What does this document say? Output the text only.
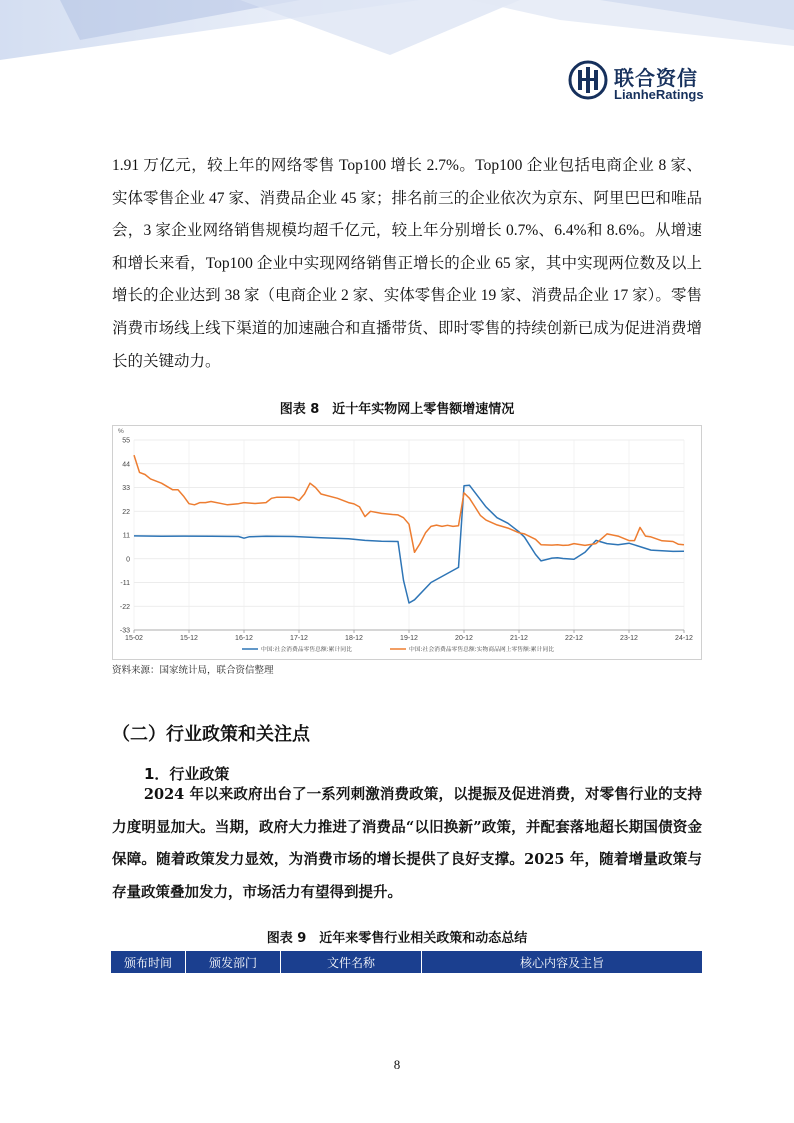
联合资信
LianheRatings

1.91 万亿元，较上年的网络零售 Top100 增长 2.7%。Top100 企业包括电商企业 8 家、实体零售企业 47 家、消费品企业 45 家；排名前三的企业依次为京东、阿里巴巴和唯品会，3 家企业网络销售规模均超千亿元，较上年分别增长 0.7%、6.4%和 8.6%。从增速和增长来看，Top100 企业中实现网络销售正增长的企业 65 家，其中实现两位数及以上增长的企业达到 38 家（电商企业 2 家、实体零售企业 19 家、消费品企业 17 家）。零售消费市场线上线下渠道的加速融合和直播带货、即时零售的持续创新已成为促进消费增长的关键动力。

图表 8　近十年实物网上零售额增速情况
55
44
33
22
11
0
-11
-22
-33
15-02	15-12	16-12	17-12	18-12	19-12	20-12	21-12	22-12	23-12	24-12
中国:社会消费品零售总额:累计同比	中国:社会消费品零售总额:实物商品网上零售额:累计同比
%
资料来源：国家统计局，联合资信整理
（二）行业政策和关注点
1．行业政策

2024 年以来政府出台了一系列刺激消费政策，以提振及促进消费，对零售行业的支持力度明显加大。当期，政府大力推进了消费品“以旧换新”政策，并配套落地超长期国债资金保障。随着政策发力显效，为消费市场的增长提供了良好支撑。2025 年，随着增量政策与存量政策叠加发力，市场活力有望得到提升。

图表 9　近年来零售行业相关政策和动态总结
颁布时间	颁发部门	文件名称	核心内容及主旨
8
